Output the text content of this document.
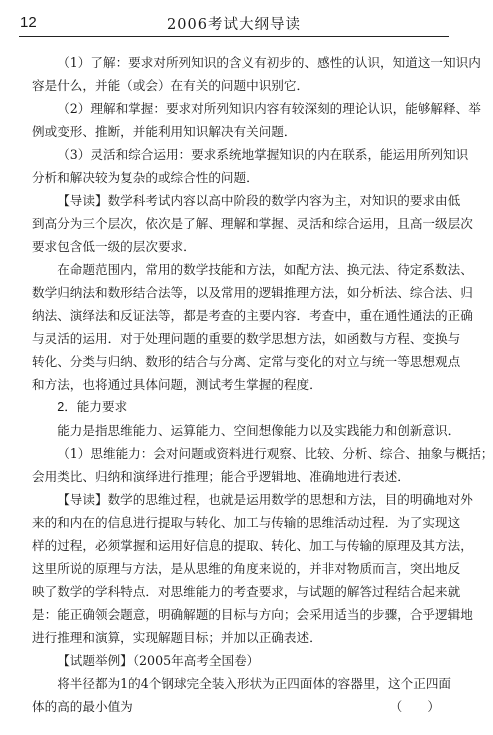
12	2006考试大纲导读
（1）了解：要求对所列知识的含义有初步的、感性的认识，知道这一知识内
容是什么，并能（或会）在有关的问题中识别它．
（2）理解和掌握：要求对所列知识内容有较深刻的理论认识，能够解释、举
例或变形、推断，并能利用知识解决有关问题．
（3）灵活和综合运用：要求系统地掌握知识的内在联系，能运用所列知识
分析和解决较为复杂的或综合性的问题．
【导读】数学科考试内容以高中阶段的数学内容为主，对知识的要求由低
到高分为三个层次，依次是了解、理解和掌握、灵活和综合运用，且高一级层次
要求包含低一级的层次要求．
在命题范围内，常用的数学技能和方法，如配方法、换元法、待定系数法、
数学归纳法和数形结合法等，以及常用的逻辑推理方法，如分析法、综合法、归
纳法、演绎法和反证法等，都是考查的主要内容．考查中，重在通性通法的正确
与灵活的运用．对于处理问题的重要的数学思想方法，如函数与方程、变换与
转化、分类与归纳、数形的结合与分离、定常与变化的对立与统一等思想观点
和方法，也将通过具体问题，测试考生掌握的程度．
2．能力要求
能力是指思维能力、运算能力、空间想像能力以及实践能力和创新意识．
（1）思维能力：会对问题或资料进行观察、比较、分析、综合、抽象与概括；
会用类比、归纳和演绎进行推理；能合乎逻辑地、准确地进行表述．
【导读】数学的思维过程，也就是运用数学的思想和方法，目的明确地对外
来的和内在的信息进行提取与转化、加工与传输的思维活动过程．为了实现这
样的过程，必须掌握和运用好信息的提取、转化、加工与传输的原理及其方法，
这里所说的原理与方法，是从思维的角度来说的，并非对物质而言，突出地反
映了数学的学科特点．对思维能力的考查要求，与试题的解答过程结合起来就
是：能正确领会题意，明确解题的目标与方向；会采用适当的步骤，合乎逻辑地
进行推理和演算，实现解题目标；并加以正确表述．
【试题举例】（2005年高考全国卷）
将半径都为1的4个钢球完全装入形状为正四面体的容器里，这个正四面
体的高的最小值为	（　　）
